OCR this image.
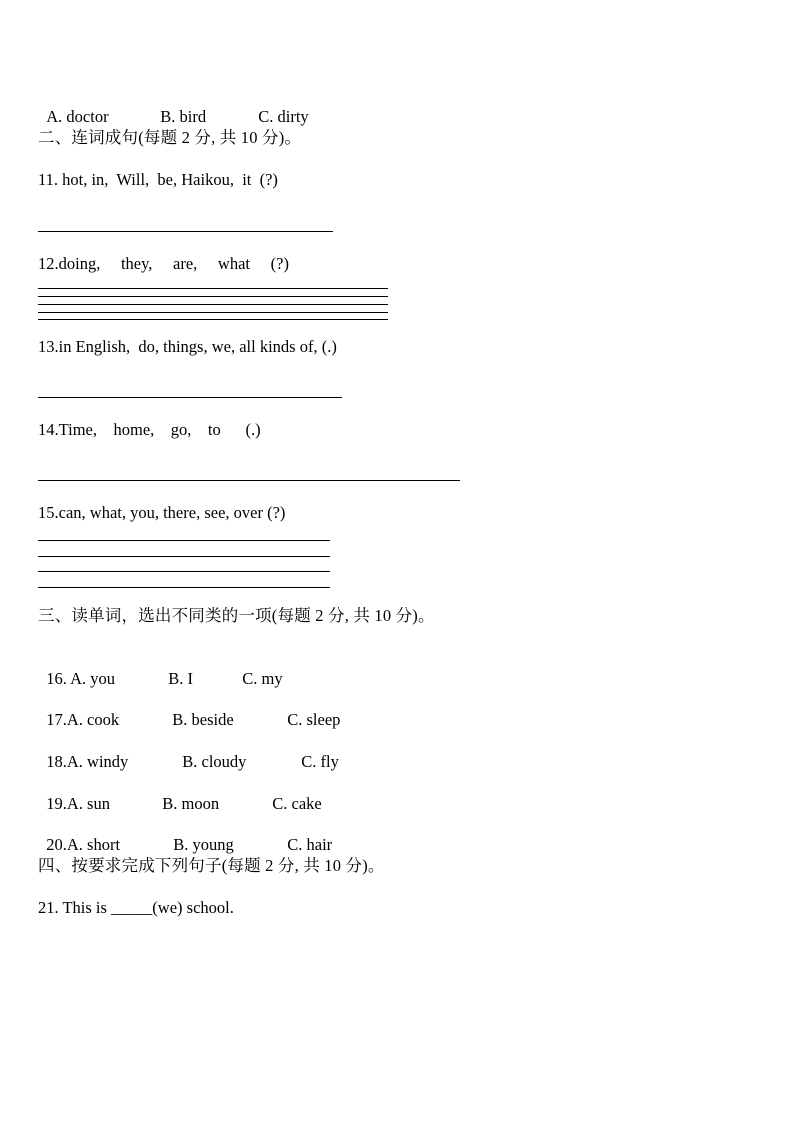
A. doctor	B. bird	C. dirty

二、连词成句(每题 2 分, 共 10 分)。
11. hot, in,  Will,  be, Haikou,  it  (?)
12.doing,     they,     are,     what     (?)
13.in English,  do, things, we, all kinds of, (.)
14.Time,    home,    go,    to      (.)
15.can, what, you, there, see, over (?)
三、读单词，选出不同类的一项(每题 2 分, 共 10 分)。

16. A. you	B. I	C. my

17.A. cook	B. beside	C. sleep

18.A. windy	B. cloudy	C. fly

19.A. sun	B. moon	C. cake

20.A. short	B. young	C. hair

四、按要求完成下列句子(每题 2 分, 共 10 分)。
21. This is _____(we) school.
